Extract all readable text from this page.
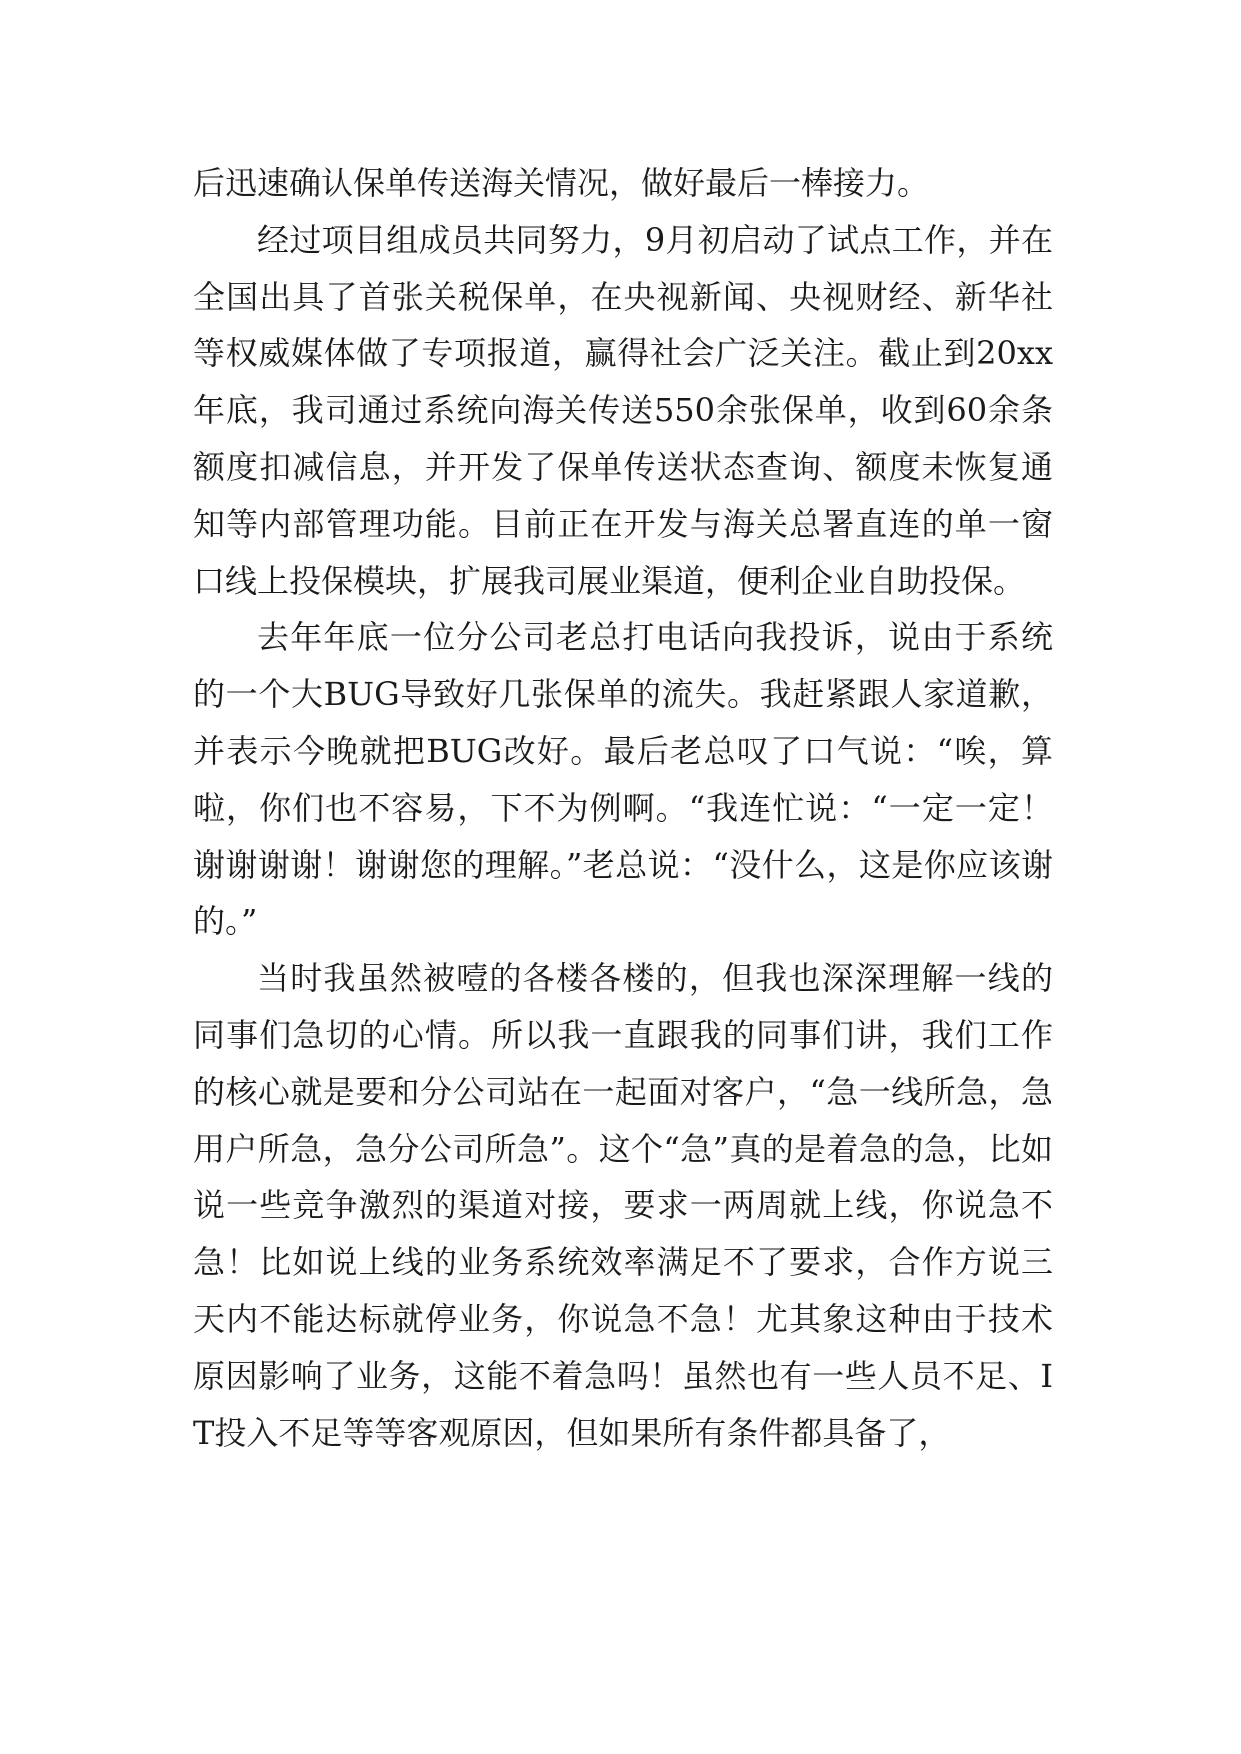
后迅速确认保单传送海关情况，做好最后一棒接力。

经过项目组成员共同努力，9月初启动了试点工作，并在全国出具了首张关税保单，在央视新闻、央视财经、新华社等权威媒体做了专项报道，赢得社会广泛关注。截止到20xx年底，我司通过系统向海关传送550余张保单，收到60余条额度扣减信息，并开发了保单传送状态查询、额度未恢复通知等内部管理功能。目前正在开发与海关总署直连的单一窗口线上投保模块，扩展我司展业渠道，便利企业自助投保。

去年年底一位分公司老总打电话向我投诉，说由于系统的一个大BUG导致好几张保单的流失。我赶紧跟人家道歉，并表示今晚就把BUG改好。最后老总叹了口气说：“唉，算啦，你们也不容易，下不为例啊。“我连忙说：“一定一定！谢谢谢谢！谢谢您的理解。”老总说：“没什么，这是你应该谢的。”

当时我虽然被噎的各楼各楼的，但我也深深理解一线的同事们急切的心情。所以我一直跟我的同事们讲，我们工作的核心就是要和分公司站在一起面对客户，“急一线所急，急用户所急，急分公司所急”。这个“急”真的是着急的急，比如说一些竞争激烈的渠道对接，要求一两周就上线，你说急不急！比如说上线的业务系统效率满足不了要求，合作方说三天内不能达标就停业务，你说急不急！尤其象这种由于技术原因影响了业务，这能不着急吗！虽然也有一些人员不足、IT投入不足等等客观原因，但如果所有条件都具备了，
